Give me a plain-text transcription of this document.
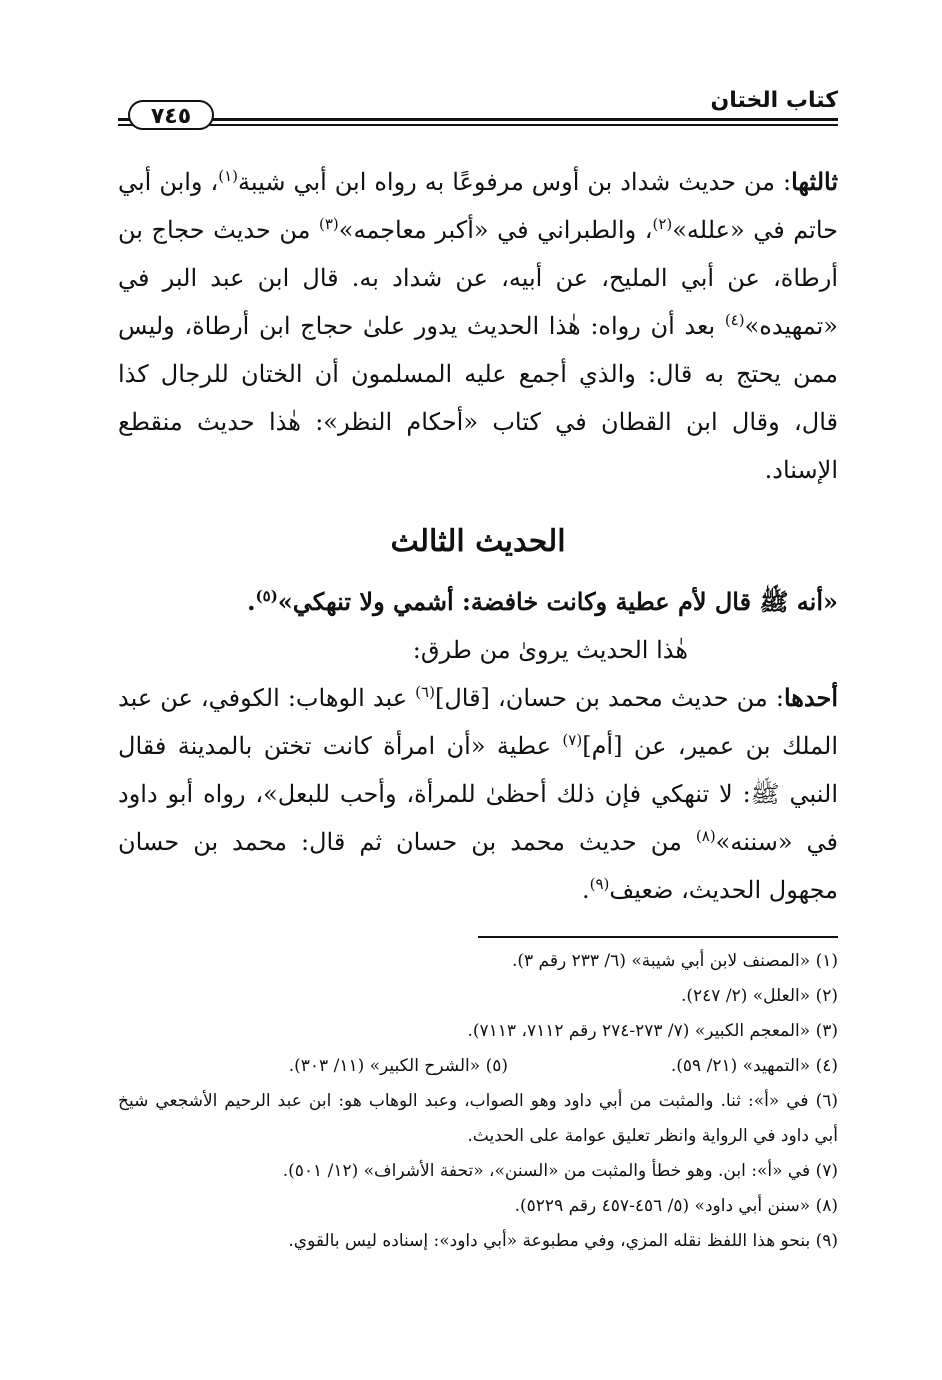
كتاب الختان
٧٤٥

ثالثها: من حديث شداد بن أوس مرفوعًا به رواه ابن أبي شيبة$^{(١)}$، وابن أبي حاتم في «علله»$^{(٢)}$، والطبراني في «أكبر معاجمه»$^{(٣)}$ من حديث حجاج بن أرطاة، عن أبي المليح، عن أبيه، عن شداد به. قال ابن عبد البر في «تمهيده»$^{(٤)}$ بعد أن رواه: هٰذا الحديث يدور علىٰ حجاج ابن أرطاة، وليس ممن يحتج به قال: والذي أجمع عليه المسلمون أن الختان للرجال كذا قال، وقال ابن القطان في كتاب «أحكام النظر»: هٰذا حديث منقطع الإسناد.

الحديث الثالث

«أنه ﷺ قال لأم عطية وكانت خافضة: أشمي ولا تنهكي»$^{(٥)}$.

هٰذا الحديث يروىٰ من طرق:

أحدها: من حديث محمد بن حسان، [قال]$^{(٦)}$ عبد الوهاب: الكوفي، عن عبد الملك بن عمير، عن [أم]$^{(٧)}$ عطية «أن امرأة كانت تختن بالمدينة فقال النبي ﷺ: لا تنهكي فإن ذلك أحظىٰ للمرأة، وأحب للبعل»، رواه أبو داود في «سننه»$^{(٨)}$ من حديث محمد بن حسان ثم قال: محمد بن حسان مجهول الحديث، ضعيف$^{(٩)}$.

(١) «المصنف لابن أبي شيبة» (٦/ ٢٣٣ رقم ٣).

(٢) «العلل» (٢/ ٢٤٧).

(٣) «المعجم الكبير» (٧/ ٢٧٣-٢٧٤ رقم ٧١١٢، ٧١١٣).

(٤) «التمهيد» (٢١/ ٥٩).

(٥) «الشرح الكبير» (١١/ ٣٠٣).

(٦) في «أ»: ثنا. والمثبت من أبي داود وهو الصواب، وعبد الوهاب هو: ابن عبد الرحيم الأشجعي شيخ أبي داود في الرواية وانظر تعليق عوامة على الحديث.

(٧) في «أ»: ابن. وهو خطأ والمثبت من «السنن»، «تحفة الأشراف» (١٢/ ٥٠١).

(٨) «سنن أبي داود» (٥/ ٤٥٦-٤٥٧ رقم ٥٢٢٩).

(٩) بنحو هذا اللفظ نقله المزي، وفي مطبوعة «أبي داود»: إسناده ليس بالقوي.
